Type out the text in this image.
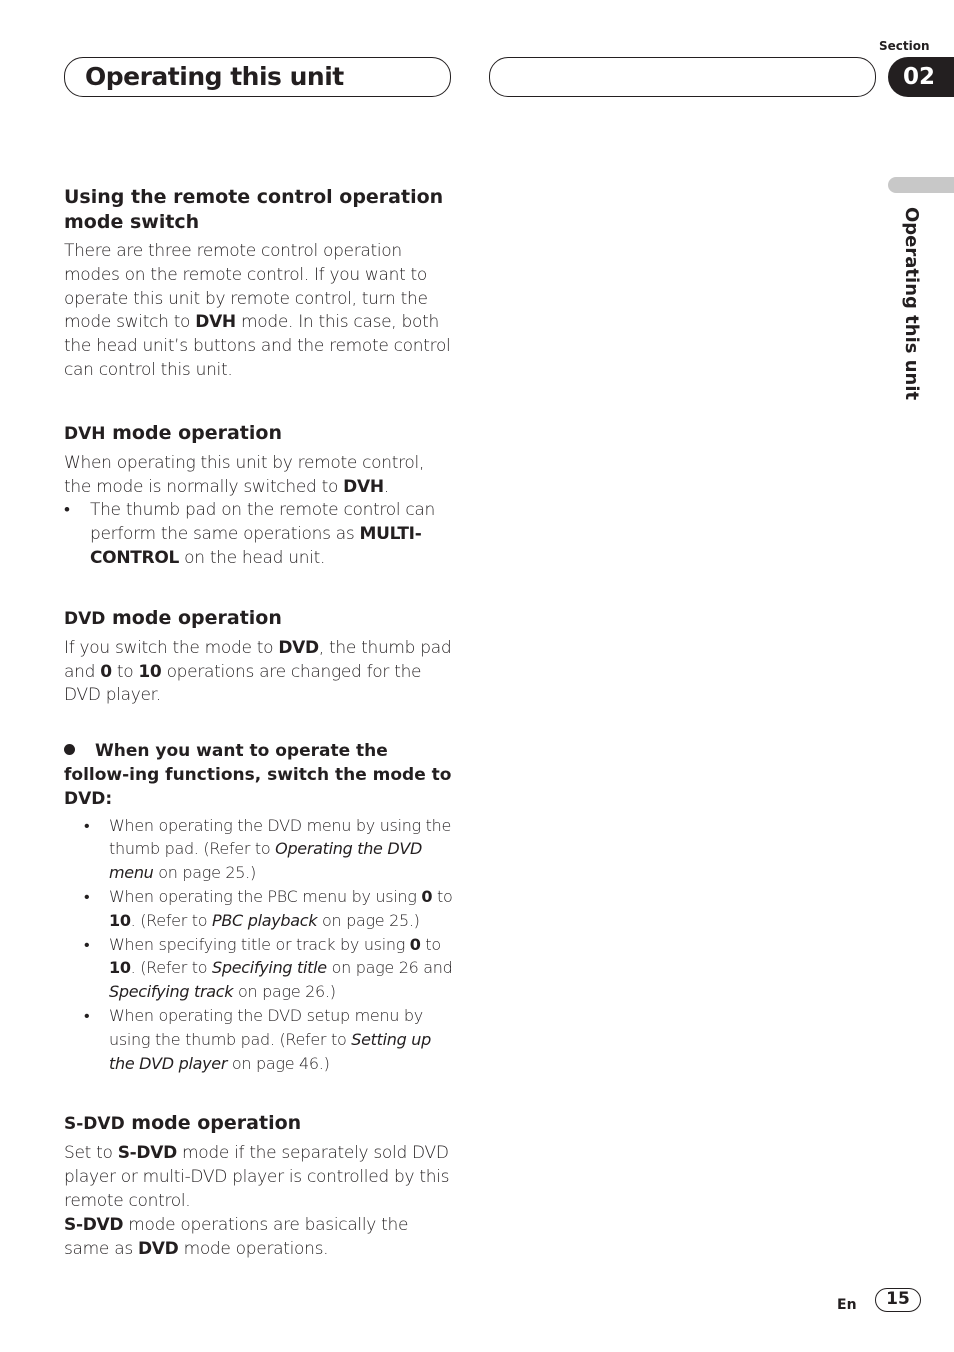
Operating this unit
Section
02
Operating this unit
Using the remote control operation mode switch

There are three remote control operation modes on the remote control. If you want to operate this unit by remote control, turn the mode switch to DVH mode. In this case, both the head unit’s buttons and the remote control can control this unit.

DVH mode operation

When operating this unit by remote control, the mode is normally switched to DVH.

• The thumb pad on the remote control can perform the same operations as MULTI-CONTROL on the head unit.
DVD mode operation

If you switch the mode to DVD, the thumb pad and 0 to 10 operations are changed for the DVD player.

When you want to operate the follow-ing functions, switch the mode to DVD:
• When operating the DVD menu by using the thumb pad. (Refer to Operating the DVD menu on page 25.)
• When operating the PBC menu by using 0 to 10. (Refer to PBC playback on page 25.)
• When specifying title or track by using 0 to 10. (Refer to Specifying title on page 26 and Specifying track on page 26.)
• When operating the DVD setup menu by using the thumb pad. (Refer to Setting up the DVD player on page 46.)
S-DVD mode operation

Set to S-DVD mode if the separately sold DVD player or multi-DVD player is controlled by this remote control.

S-DVD mode operations are basically the same as DVD mode operations.

En	15
